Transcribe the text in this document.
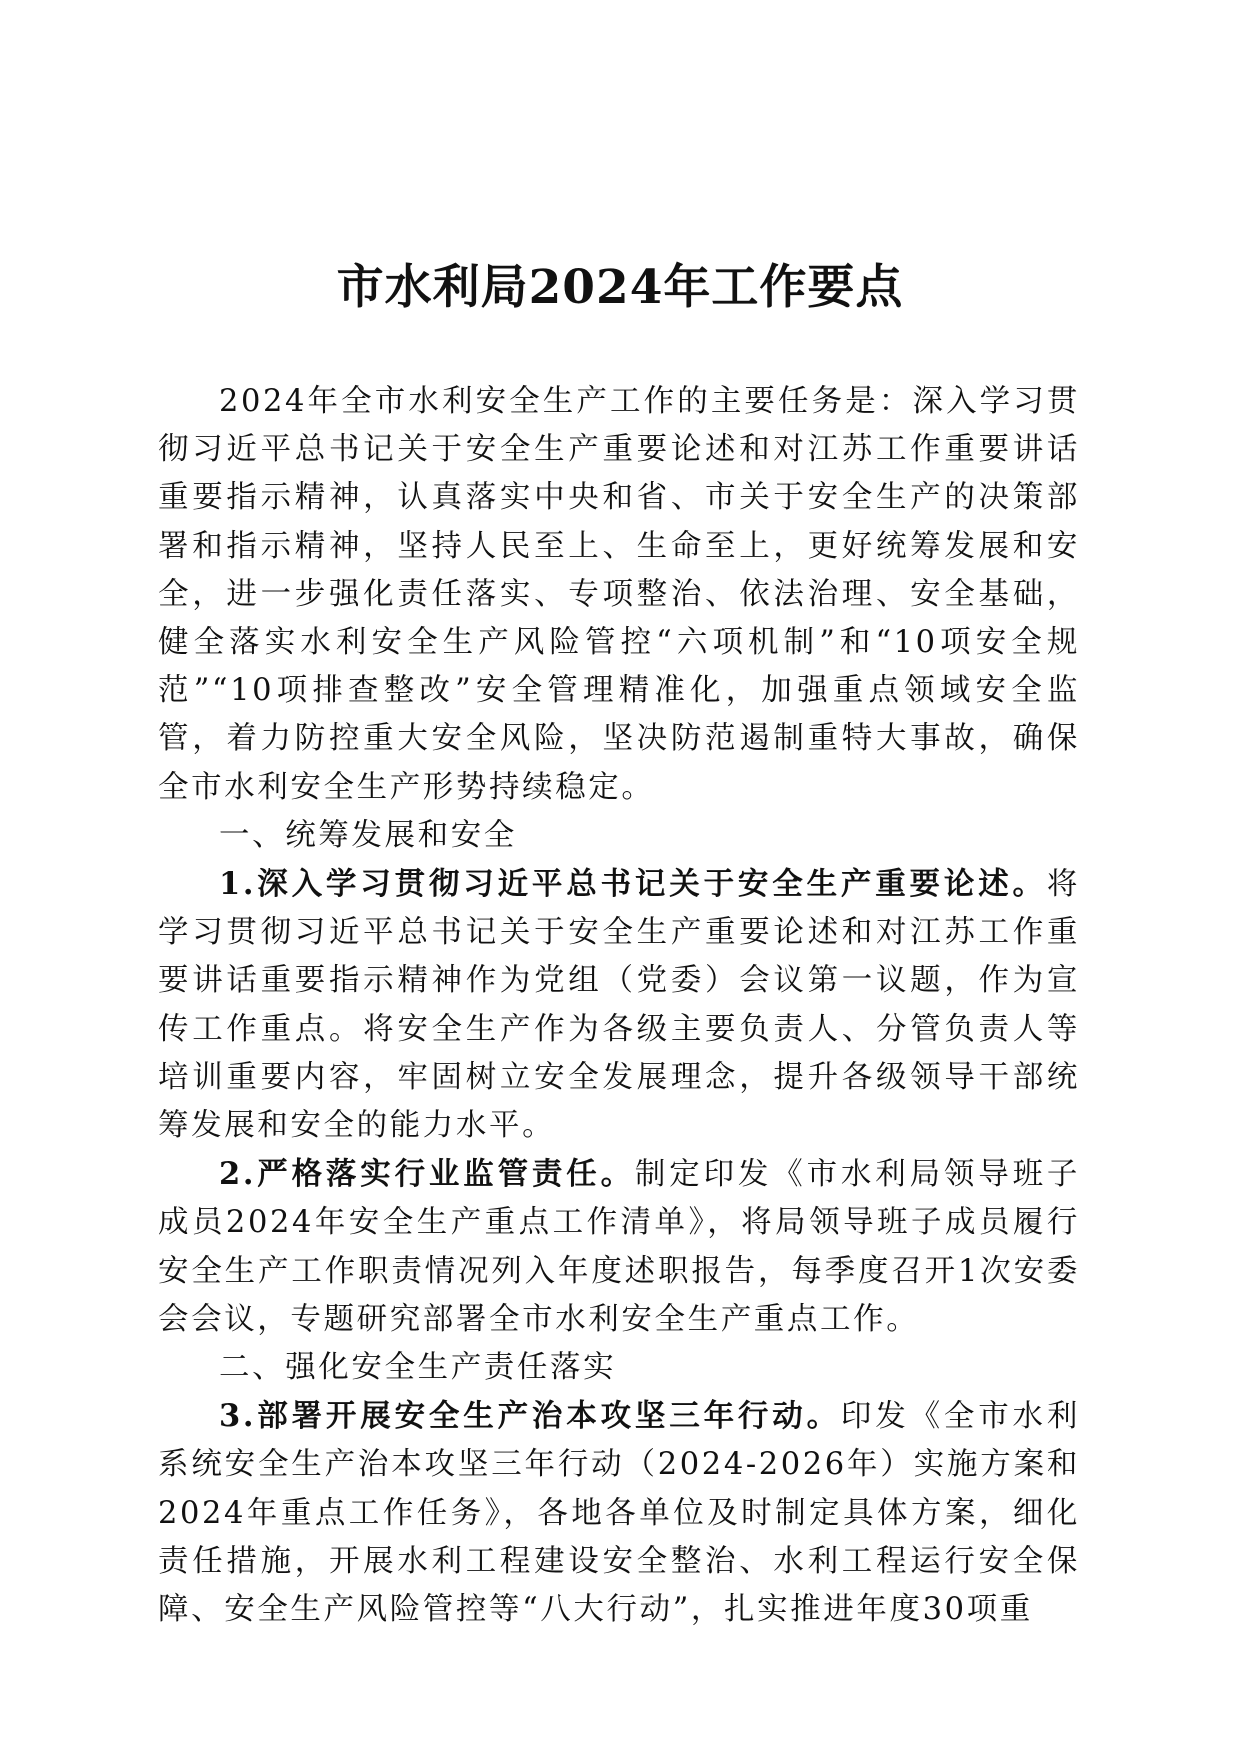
市水利局2024年工作要点

2024年全市水利安全生产工作的主要任务是：深入学习贯彻习近平总书记关于安全生产重要论述和对江苏工作重要讲话重要指示精神，认真落实中央和省、市关于安全生产的决策部署和指示精神，坚持人民至上、生命至上，更好统筹发展和安全，进一步强化责任落实、专项整治、依法治理、安全基础，健全落实水利安全生产风险管控“六项机制”和“10项安全规范”“10项排查整改”安全管理精准化，加强重点领域安全监管，着力防控重大安全风险，坚决防范遏制重特大事故，确保全市水利安全生产形势持续稳定。

一、统筹发展和安全

1.深入学习贯彻习近平总书记关于安全生产重要论述。将学习贯彻习近平总书记关于安全生产重要论述和对江苏工作重要讲话重要指示精神作为党组（党委）会议第一议题，作为宣传工作重点。将安全生产作为各级主要负责人、分管负责人等培训重要内容，牢固树立安全发展理念，提升各级领导干部统筹发展和安全的能力水平。

2.严格落实行业监管责任。制定印发《市水利局领导班子成员2024年安全生产重点工作清单》，将局领导班子成员履行安全生产工作职责情况列入年度述职报告，每季度召开1次安委会会议，专题研究部署全市水利安全生产重点工作。

二、强化安全生产责任落实

3.部署开展安全生产治本攻坚三年行动。印发《全市水利系统安全生产治本攻坚三年行动（2024-2026年）实施方案和2024年重点工作任务》，各地各单位及时制定具体方案，细化责任措施，开展水利工程建设安全整治、水利工程运行安全保障、安全生产风险管控等“八大行动”，扎实推进年度30项重
